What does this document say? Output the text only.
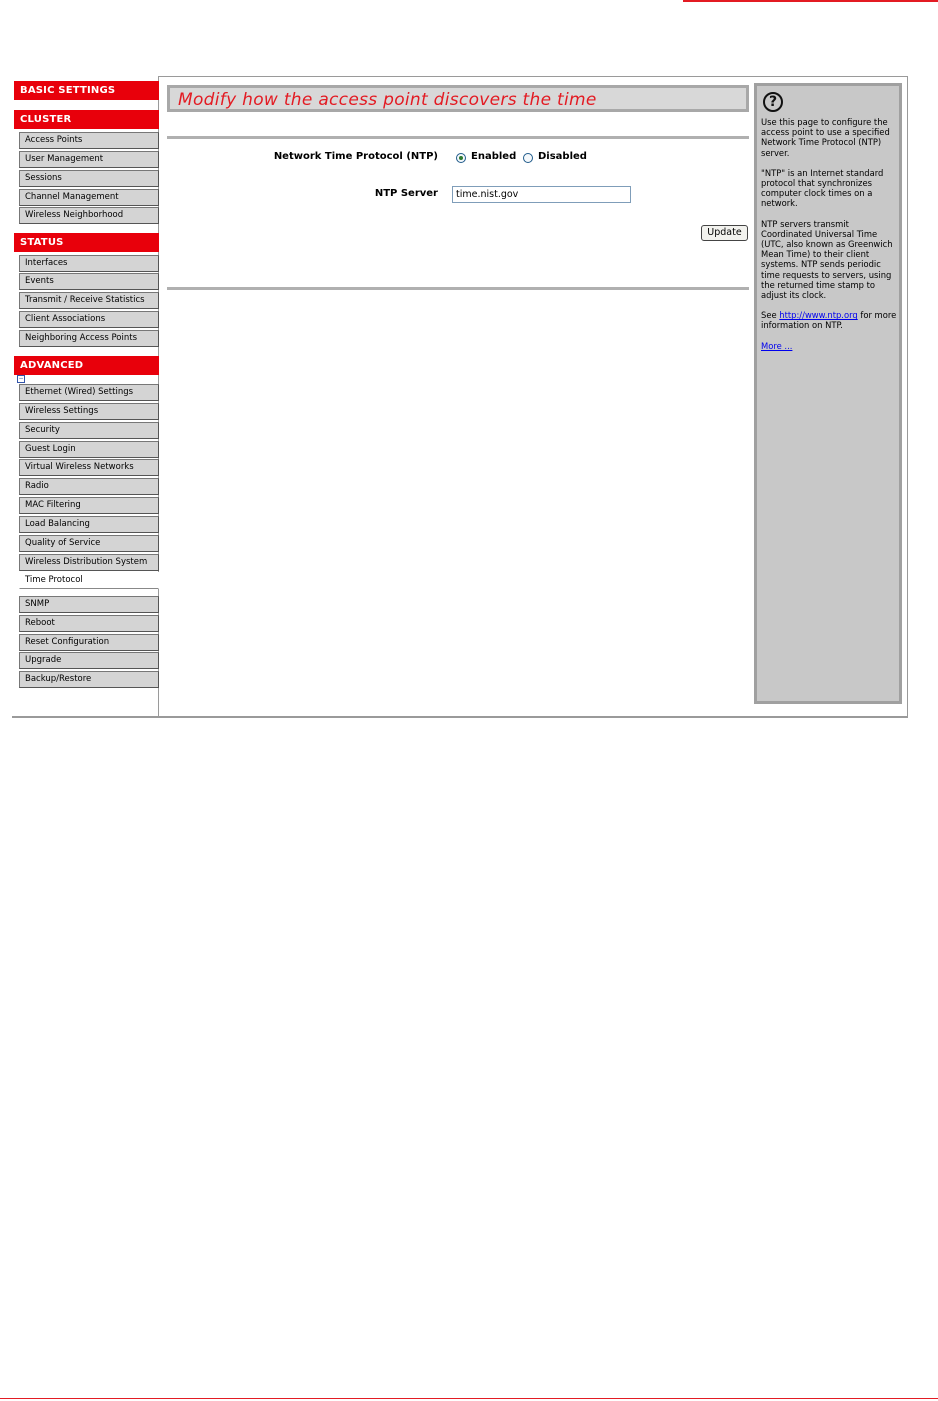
BASIC SETTINGS
CLUSTER
Access Points
User Management
Sessions
Channel Management
Wireless Neighborhood
STATUS
Interfaces
Events
Transmit / Receive Statistics
Client Associations
Neighboring Access Points
ADVANCED
−
Ethernet (Wired) Settings
Wireless Settings
Security
Guest Login
Virtual Wireless Networks
Radio
MAC Filtering
Load Balancing
Quality of Service
Wireless Distribution System
Time Protocol
SNMP
Reboot
Reset Configuration
Upgrade
Backup/Restore
Modify how the access point discovers the time
Network Time Protocol (NTP)	Enabled Disabled
NTP Server	time.nist.gov
Update
?

Use this page to configure the access point to use a specified Network Time Protocol (NTP) server.

"NTP" is an Internet standard protocol that synchronizes computer clock times on a network.

NTP servers transmit Coordinated Universal Time (UTC, also known as Greenwich Mean Time) to their client systems. NTP sends periodic time requests to servers, using the returned time stamp to adjust its clock.

See http://www.ntp.org for more information on NTP.

More ...
